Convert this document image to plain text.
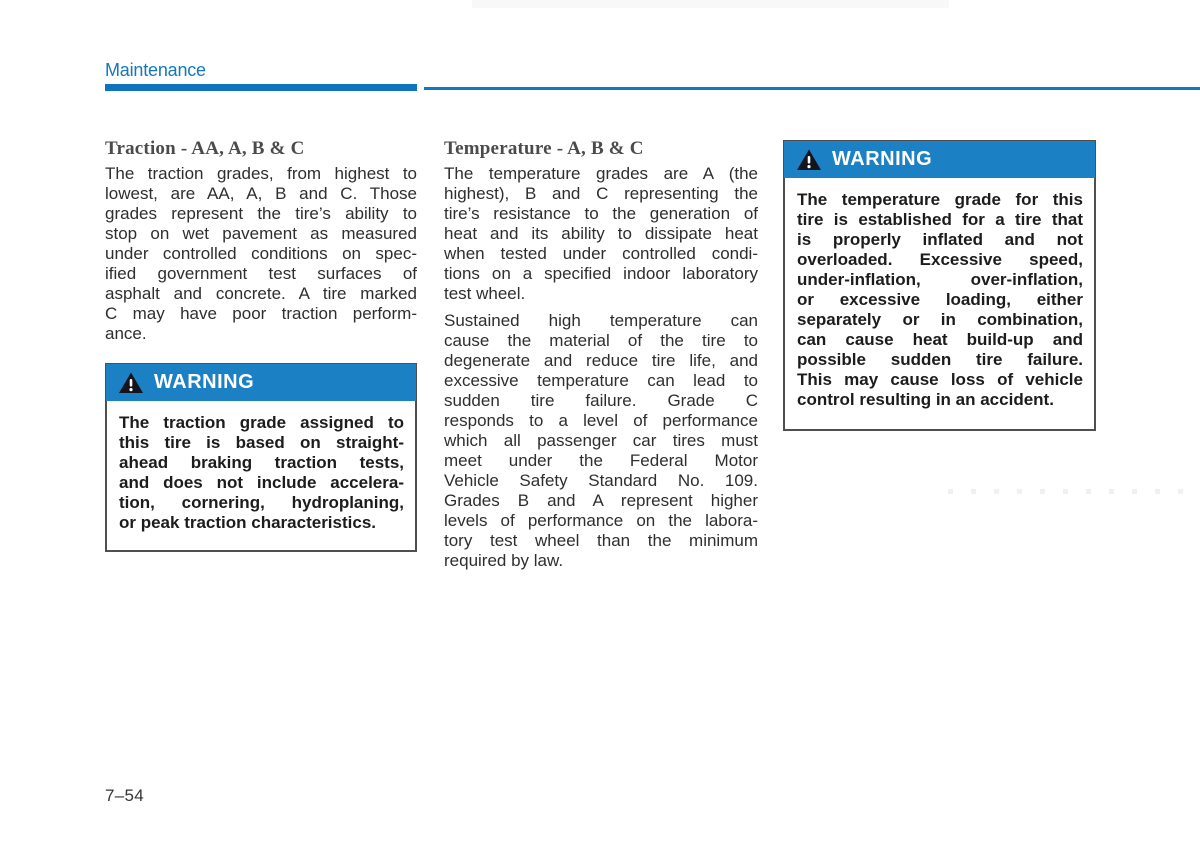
Maintenance
Traction - AA, A, B & C
The traction grades, from highest to
lowest, are AA, A, B and C. Those
grades represent the tire’s ability to
stop on wet pavement as measured
under controlled conditions on spec-
ified government test surfaces of
asphalt and concrete. A tire marked
C may have poor traction perform-
ance.
WARNING
The traction grade assigned to
this tire is based on straight-
ahead braking traction tests,
and does not include accelera-
tion, cornering, hydroplaning,
or peak traction characteristics.
Temperature - A, B & C
The temperature grades are A (the
highest), B and C representing the
tire’s resistance to the generation of
heat and its ability to dissipate heat
when tested under controlled condi-
tions on a specified indoor laboratory
test wheel.
Sustained high temperature can
cause the material of the tire to
degenerate and reduce tire life, and
excessive temperature can lead to
sudden tire failure. Grade C
responds to a level of performance
which all passenger car tires must
meet under the Federal Motor
Vehicle Safety Standard No. 109.
Grades B and A represent higher
levels of performance on the labora-
tory test wheel than the minimum
required by law.
WARNING
The temperature grade for this
tire is established for a tire that
is properly inflated and not
overloaded. Excessive speed,
under-inflation, over-inflation,
or excessive loading, either
separately or in combination,
can cause heat build-up and
possible sudden tire failure.
This may cause loss of vehicle
control resulting in an accident.
7–54
